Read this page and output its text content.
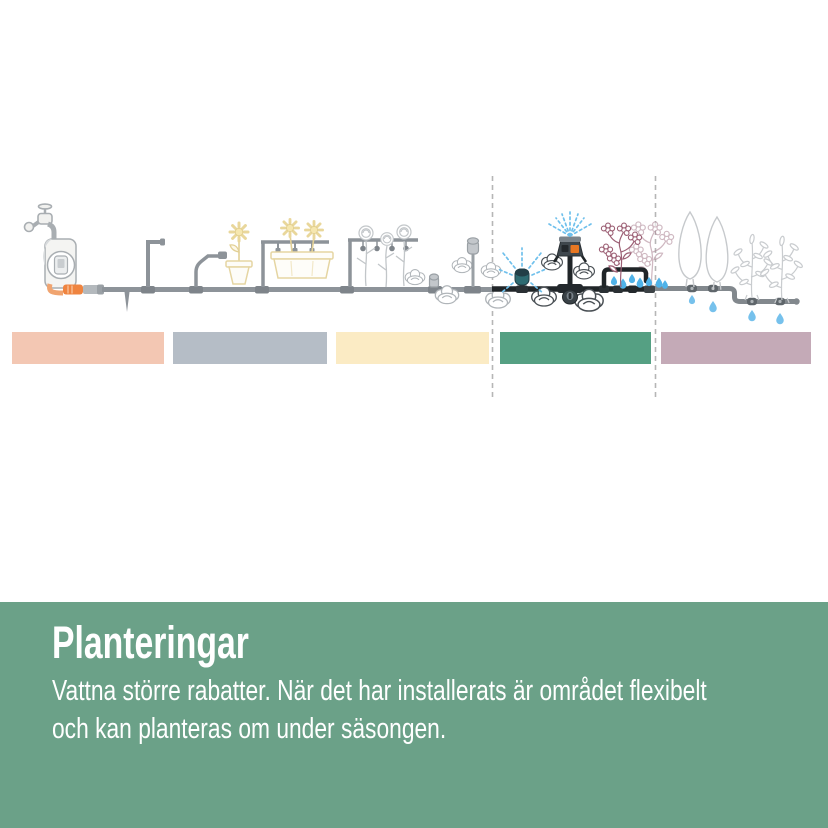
Planteringar
Vattna större rabatter. När det har installerats är området flexibelt
och kan planteras om under säsongen.
